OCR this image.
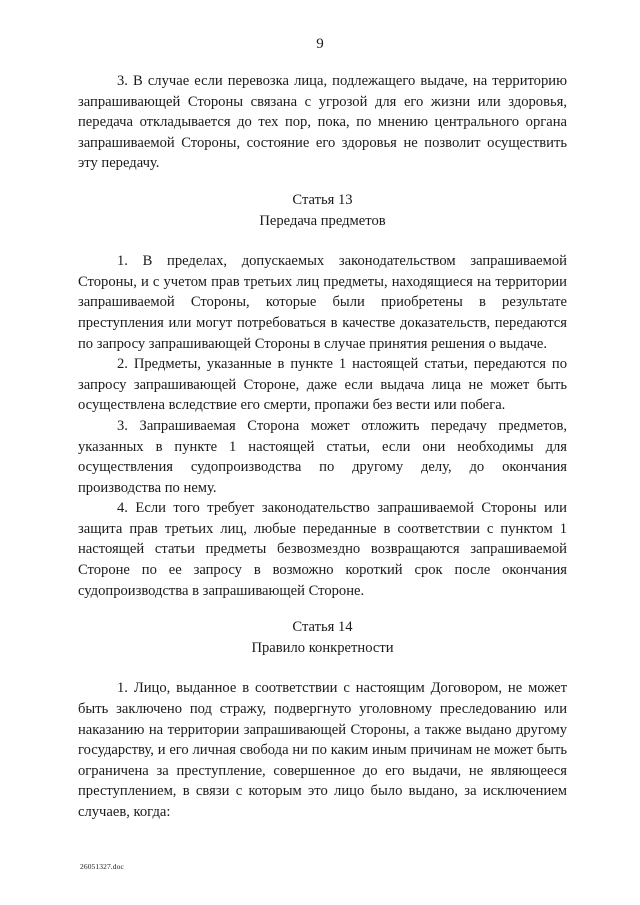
9

3. В случае если перевозка лица, подлежащего выдаче, на территорию запрашивающей Стороны связана с угрозой для его жизни или здоровья, передача откладывается до тех пор, пока, по мнению центрального органа запрашиваемой Стороны, состояние его здоровья не позволит осуществить эту передачу.

Статья 13

Передача предметов

1. В пределах, допускаемых законодательством запрашиваемой Стороны, и с учетом прав третьих лиц предметы, находящиеся на территории запрашиваемой Стороны, которые были приобретены в результате преступления или могут потребоваться в качестве доказательств, передаются по запросу запрашивающей Стороны в случае принятия решения о выдаче.

2. Предметы, указанные в пункте 1 настоящей статьи, передаются по запросу запрашивающей Стороне, даже если выдача лица не может быть осуществлена вследствие его смерти, пропажи без вести или побега.

3. Запрашиваемая Сторона может отложить передачу предметов, указанных в пункте 1 настоящей статьи, если они необходимы для осуществления судопроизводства по другому делу, до окончания производства по нему.

4. Если того требует законодательство запрашиваемой Стороны или защита прав третьих лиц, любые переданные в соответствии с пунктом 1 настоящей статьи предметы безвозмездно возвращаются запрашиваемой Стороне по ее запросу в возможно короткий срок после окончания судопроизводства в запрашивающей Стороне.

Статья 14

Правило конкретности

1. Лицо, выданное в соответствии с настоящим Договором, не может быть заключено под стражу, подвергнуто уголовному преследованию или наказанию на территории запрашивающей Стороны, а также выдано другому государству, и его личная свобода ни по каким иным причинам не может быть ограничена за преступление, совершенное до его выдачи, не являющееся преступлением, в связи с которым это лицо было выдано, за исключением случаев, когда:

26051327.doc
